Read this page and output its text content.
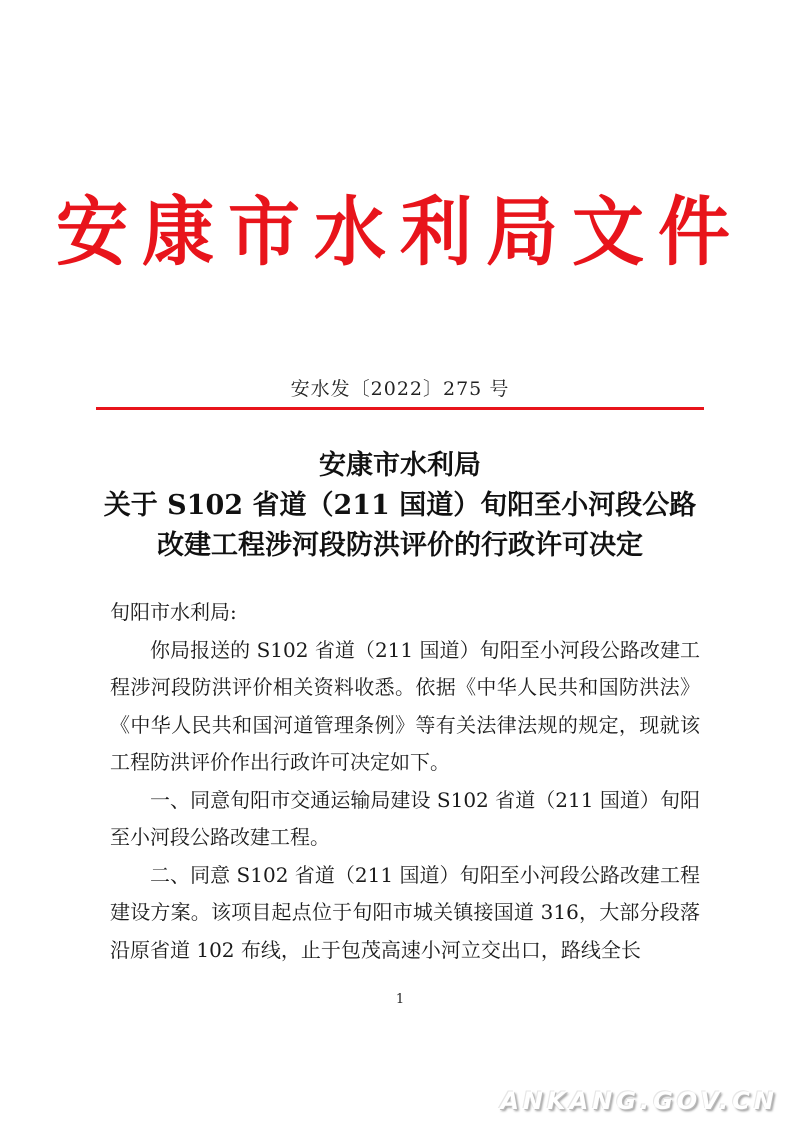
安康市水利局文件
安水发〔2022〕275 号
安康市水利局
关于 S102 省道（211 国道）旬阳至小河段公路
改建工程涉河段防洪评价的行政许可决定

旬阳市水利局:

你局报送的 S102 省道（211 国道）旬阳至小河段公路改建工程涉河段防洪评价相关资料收悉。依据《中华人民共和国防洪法》《中华人民共和国河道管理条例》等有关法律法规的规定，现就该工程防洪评价作出行政许可决定如下。

一、同意旬阳市交通运输局建设 S102 省道（211 国道）旬阳至小河段公路改建工程。

二、同意 S102 省道（211 国道）旬阳至小河段公路改建工程建设方案。该项目起点位于旬阳市城关镇接国道 316，大部分段落沿原省道 102 布线，止于包茂高速小河立交出口，路线全长

1
ANKANG.GOV.CN
